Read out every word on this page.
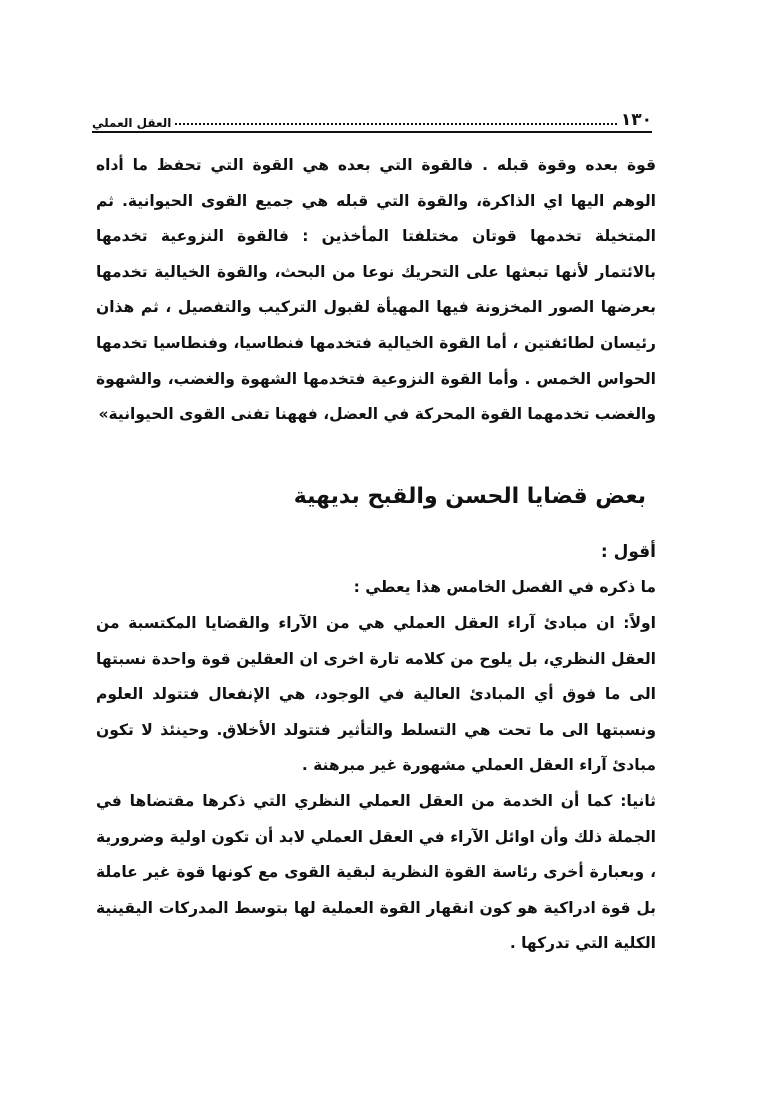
١٣٠
العقل العملي

قوة بعده وقوة قبله . فالقوة التي بعده هي القوة التي تحفظ ما أداه الوهم اليها اي الذاكرة، والقوة التي قبله هي جميع القوى الحيوانية. ثم المتخيلة تخدمها قوتان مختلفتا المأخذين : فالقوة النزوعية تخدمها بالائتمار لأنها تبعثها على التحريك نوعا من البحث، والقوة الخيالية تخدمها بعرضها الصور المخزونة فيها المهيأة لقبول التركيب والتفصيل ، ثم هذان رئيسان لطائفتين ، أما القوة الخيالية فتخدمها فنطاسيا، وفنطاسيا تخدمها الحواس الخمس . وأما القوة النزوعية فتخدمها الشهوة والغضب، والشهوة والغضب تخدمهما القوة المحركة في العضل، فههنا تفنى القوى الحيوانية»

بعض قضايا الحسن والقبح بديهية

أقول :

ما ذكره في الفصل الخامس هذا يعطي :

اولاً: ان مبادئ آراء العقل العملي هي من الآراء والقضايا المكتسبة من العقل النظري، بل يلوح من كلامه تارة اخرى ان العقلين قوة واحدة نسبتها الى ما فوق أي المبادئ العالية في الوجود، هي الإنفعال فتتولد العلوم ونسبتها الى ما تحت هي التسلط والتأثير فتتولد الأخلاق. وحينئذ لا تكون مبادئ آراء العقل العملي مشهورة غير مبرهنة .

ثانيا: كما أن الخدمة من العقل العملي النظري التي ذكرها مقتضاها في الجملة ذلك وأن اوائل الآراء في العقل العملي لابد أن تكون اولية وضرورية ، وبعبارة أخرى رئاسة القوة النظرية لبقية القوى مع كونها قوة غير عاملة بل قوة ادراكية هو كون انقهار القوة العملية لها بتوسط المدركات اليقينية الكلية التي تدركها .
